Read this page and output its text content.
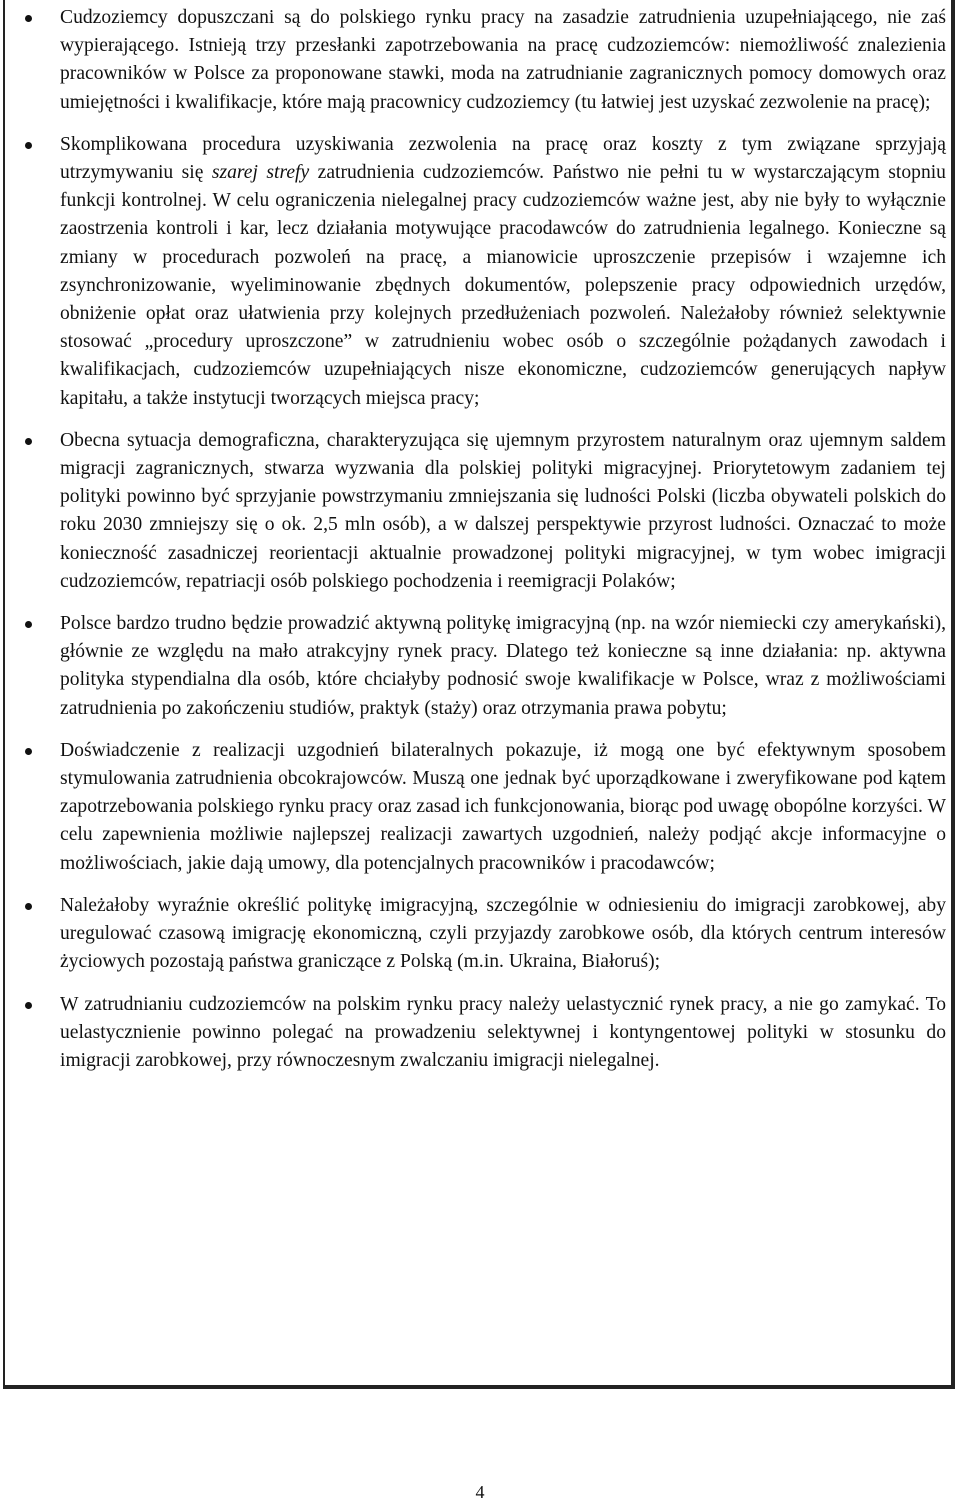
Cudzoziemcy dopuszczani są do polskiego rynku pracy na zasadzie zatrudnienia uzupełniającego, nie zaś wypierającego. Istnieją trzy przesłanki zapotrzebowania na pracę cudzoziemców: niemożliwość znalezienia pracowników w Polsce za proponowane stawki, moda na zatrudnianie zagranicznych pomocy domowych oraz umiejętności i kwalifikacje, które mają pracownicy cudzoziemcy (tu łatwiej jest uzyskać zezwolenie na pracę);
Skomplikowana procedura uzyskiwania zezwolenia na pracę oraz koszty z tym związane sprzyjają utrzymywaniu się szarej strefy zatrudnienia cudzoziemców. Państwo nie pełni tu w wystarczającym stopniu funkcji kontrolnej. W celu ograniczenia nielegalnej pracy cudzoziemców ważne jest, aby nie były to wyłącznie zaostrzenia kontroli i kar, lecz działania motywujące pracodawców do zatrudnienia legalnego. Konieczne są zmiany w procedurach pozwoleń na pracę, a mianowicie uproszczenie przepisów i wzajemne ich zsynchronizowanie, wyeliminowanie zbędnych dokumentów, polepszenie pracy odpowiednich urzędów, obniżenie opłat oraz ułatwienia przy kolejnych przedłużeniach pozwoleń. Należałoby również selektywnie stosować „procedury uproszczone” w zatrudnieniu wobec osób o szczególnie pożądanych zawodach i kwalifikacjach, cudzoziemców uzupełniających nisze ekonomiczne, cudzoziemców generujących napływ kapitału, a także instytucji tworzących miejsca pracy;
Obecna sytuacja demograficzna, charakteryzująca się ujemnym przyrostem naturalnym oraz ujemnym saldem migracji zagranicznych, stwarza wyzwania dla polskiej polityki migracyjnej. Priorytetowym zadaniem tej polityki powinno być sprzyjanie powstrzymaniu zmniejszania się ludności Polski (liczba obywateli polskich do roku 2030 zmniejszy się o ok. 2,5 mln osób), a w dalszej perspektywie przyrost ludności. Oznaczać to może konieczność zasadniczej reorientacji aktualnie prowadzonej polityki migracyjnej, w tym wobec imigracji cudzoziemców, repatriacji osób polskiego pochodzenia i reemigracji Polaków;
Polsce bardzo trudno będzie prowadzić aktywną politykę imigracyjną (np. na wzór niemiecki czy amerykański), głównie ze względu na mało atrakcyjny rynek pracy. Dlatego też konieczne są inne działania: np. aktywna polityka stypendialna dla osób, które chciałyby podnosić swoje kwalifikacje w Polsce, wraz z możliwościami zatrudnienia po zakończeniu studiów, praktyk (staży) oraz otrzymania prawa pobytu;
Doświadczenie z realizacji uzgodnień bilateralnych pokazuje, iż mogą one być efektywnym sposobem stymulowania zatrudnienia obcokrajowców. Muszą one jednak być uporządkowane i zweryfikowane pod kątem zapotrzebowania polskiego rynku pracy oraz zasad ich funkcjonowania, biorąc pod uwagę obopólne korzyści. W celu zapewnienia możliwie najlepszej realizacji zawartych uzgodnień, należy podjąć akcje informacyjne o możliwościach, jakie dają umowy, dla potencjalnych pracowników i pracodawców;
Należałoby wyraźnie określić politykę imigracyjną, szczególnie w odniesieniu do imigracji zarobkowej, aby uregulować czasową imigrację ekonomiczną, czyli przyjazdy zarobkowe osób, dla których centrum interesów życiowych pozostają państwa graniczące z Polską (m.in. Ukraina, Białoruś);
W zatrudnianiu cudzoziemców na polskim rynku pracy należy uelastycznić rynek pracy, a nie go zamykać. To uelastycznienie powinno polegać na prowadzeniu selektywnej i kontyngentowej polityki w stosunku do imigracji zarobkowej, przy równoczesnym zwalczaniu imigracji nielegalnej.
4
